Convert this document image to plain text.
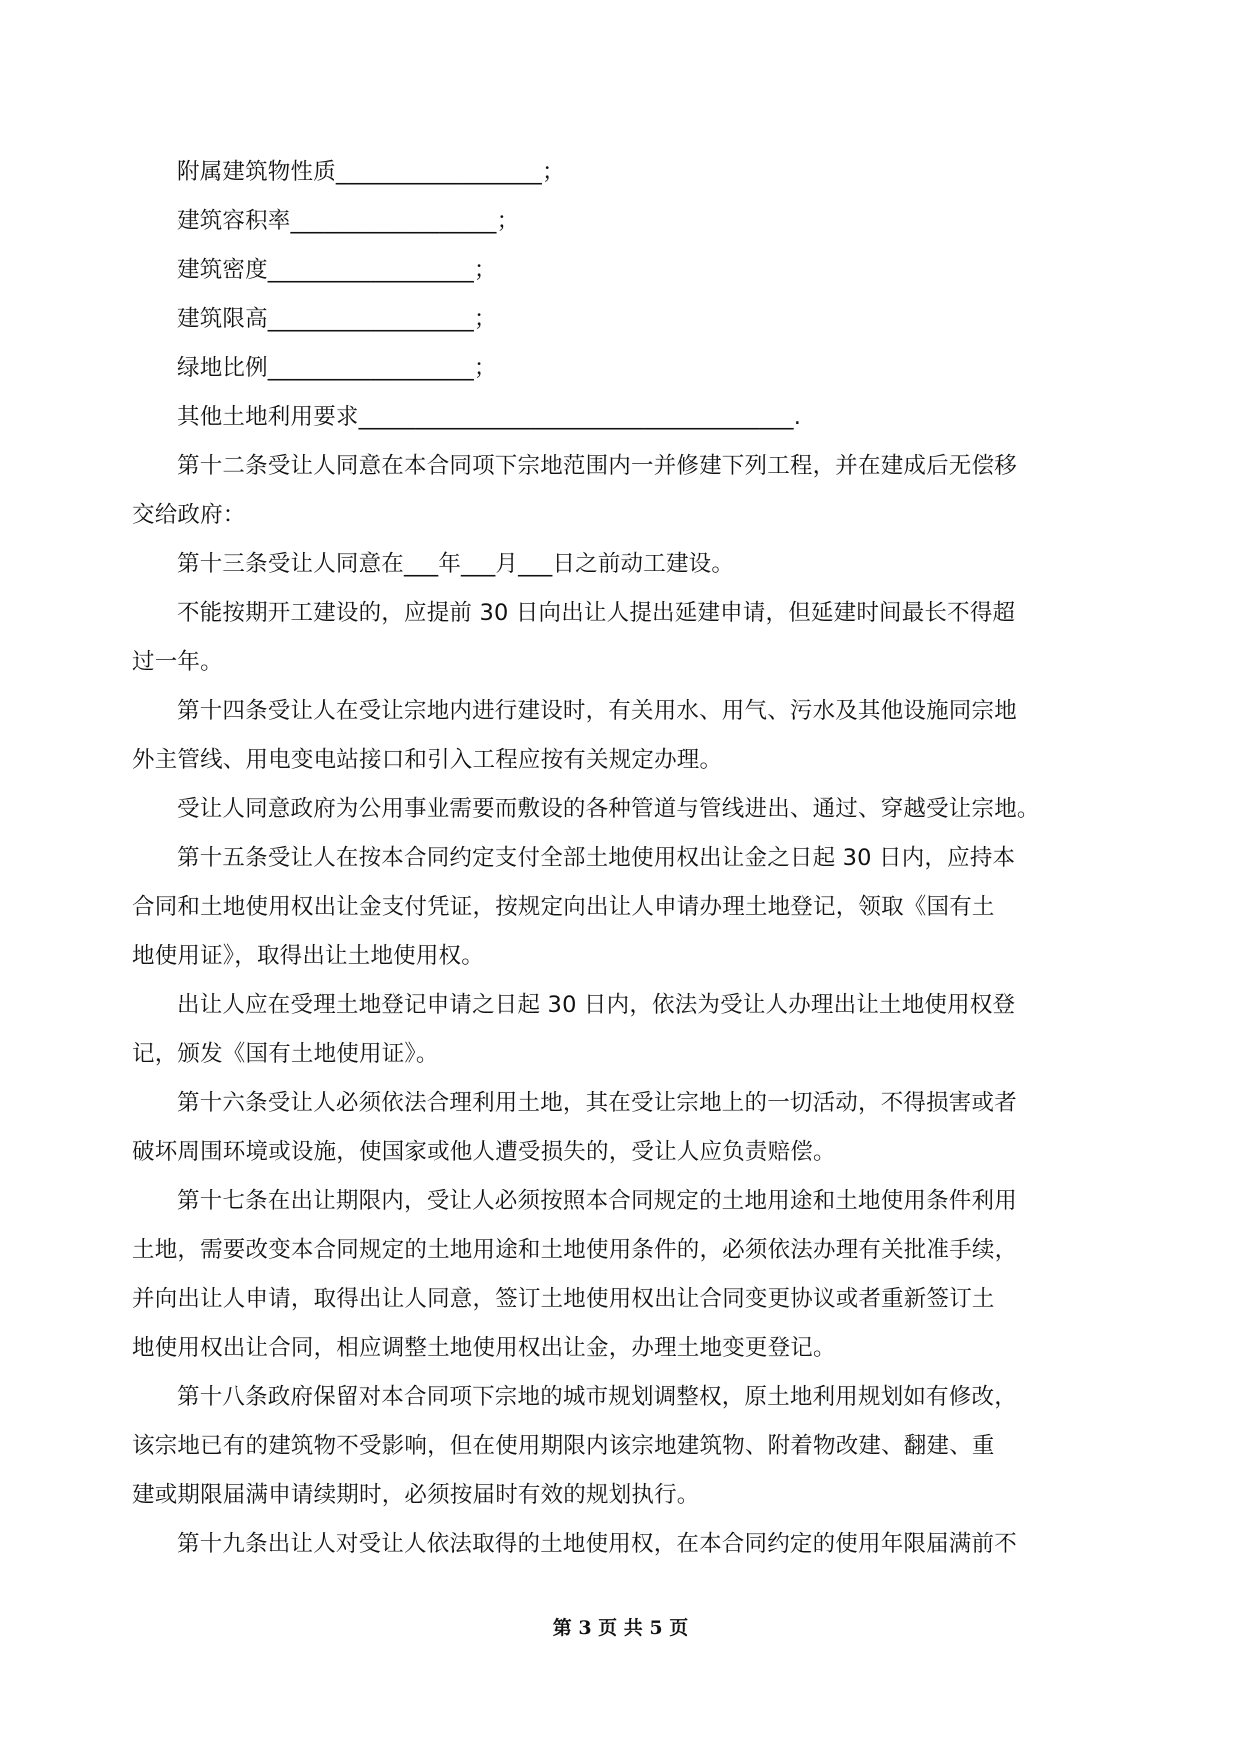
附属建筑物性质__________________；
建筑容积率__________________；
建筑密度__________________；
建筑限高__________________；
绿地比例__________________；
其他土地利用要求______________________________________.
第十二条受让人同意在本合同项下宗地范围内一并修建下列工程，并在建成后无偿移
交给政府：
第十三条受让人同意在___年___月___日之前动工建设。
不能按期开工建设的，应提前 30 日向出让人提出延建申请，但延建时间最长不得超
过一年。
第十四条受让人在受让宗地内进行建设时，有关用水、用气、污水及其他设施同宗地
外主管线、用电变电站接口和引入工程应按有关规定办理。
受让人同意政府为公用事业需要而敷设的各种管道与管线进出、通过、穿越受让宗地。
第十五条受让人在按本合同约定支付全部土地使用权出让金之日起 30 日内，应持本
合同和土地使用权出让金支付凭证，按规定向出让人申请办理土地登记，领取《国有土
地使用证》，取得出让土地使用权。
出让人应在受理土地登记申请之日起 30 日内，依法为受让人办理出让土地使用权登
记，颁发《国有土地使用证》。
第十六条受让人必须依法合理利用土地，其在受让宗地上的一切活动，不得损害或者
破坏周围环境或设施，使国家或他人遭受损失的，受让人应负责赔偿。
第十七条在出让期限内，受让人必须按照本合同规定的土地用途和土地使用条件利用
土地，需要改变本合同规定的土地用途和土地使用条件的，必须依法办理有关批准手续，
并向出让人申请，取得出让人同意，签订土地使用权出让合同变更协议或者重新签订土
地使用权出让合同，相应调整土地使用权出让金，办理土地变更登记。
第十八条政府保留对本合同项下宗地的城市规划调整权，原土地利用规划如有修改，
该宗地已有的建筑物不受影响，但在使用期限内该宗地建筑物、附着物改建、翻建、重
建或期限届满申请续期时，必须按届时有效的规划执行。
第十九条出让人对受让人依法取得的土地使用权，在本合同约定的使用年限届满前不
第 3 页 共 5 页
